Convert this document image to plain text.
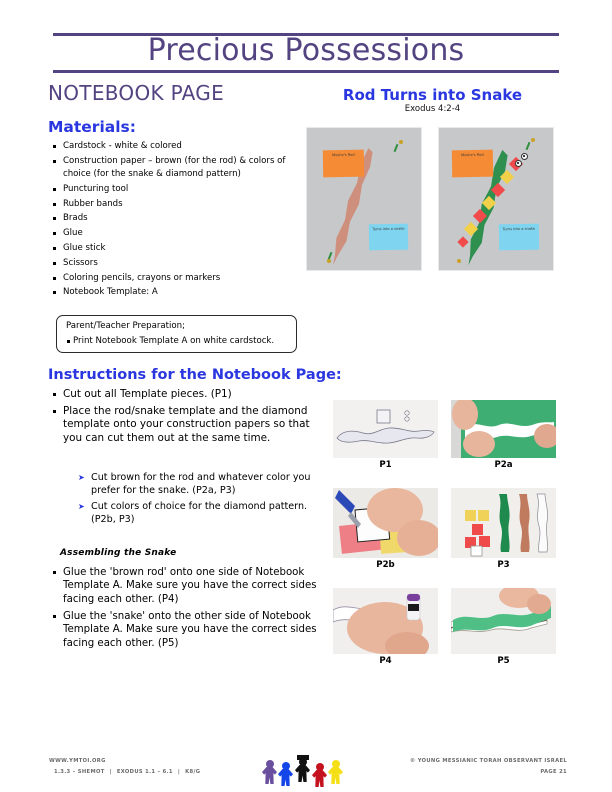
Precious Possessions
NOTEBOOK PAGE	Rod Turns into Snake
Exodus 4:2-4
Materials:
Cardstock - white & colored
Construction paper – brown (for the rod) & colors of choice (for the snake & diamond pattern)
Puncturing tool
Rubber bands
Brads
Glue
Glue stick
Scissors
Coloring pencils, crayons or markers
Notebook Template: A
Parent/Teacher Preparation;
Print Notebook Template A on white cardstock.
Instructions for the Notebook Page:
Cut out all Template pieces. (P1)
Place the rod/snake template and the diamond template onto your construction papers so that you can cut them out at the same time.
➤ Cut brown for the rod and whatever color you prefer for the snake. (P2a, P3)
➤ Cut colors of choice for the diamond pattern. (P2b, P3)
Assembling the Snake
Glue the 'brown rod' onto one side of Notebook Template A. Make sure you have the correct sides facing each other. (P4)
Glue the 'snake' onto the other side of Notebook Template A. Make sure you have the correct sides facing each other. (P5)
Moshe's Rod
Turns into a snake
Moshe's Rod
Turns into a snake
P1	P2a
P2b	P3
P4	P5
WWW.YMTOI.ORG
1.3.3 – SHEMOT | EXODUS 1.1 – 6.1 | K8/G
© YOUNG MESSIANIC TORAH OBSERVANT ISRAEL
PAGE 21
